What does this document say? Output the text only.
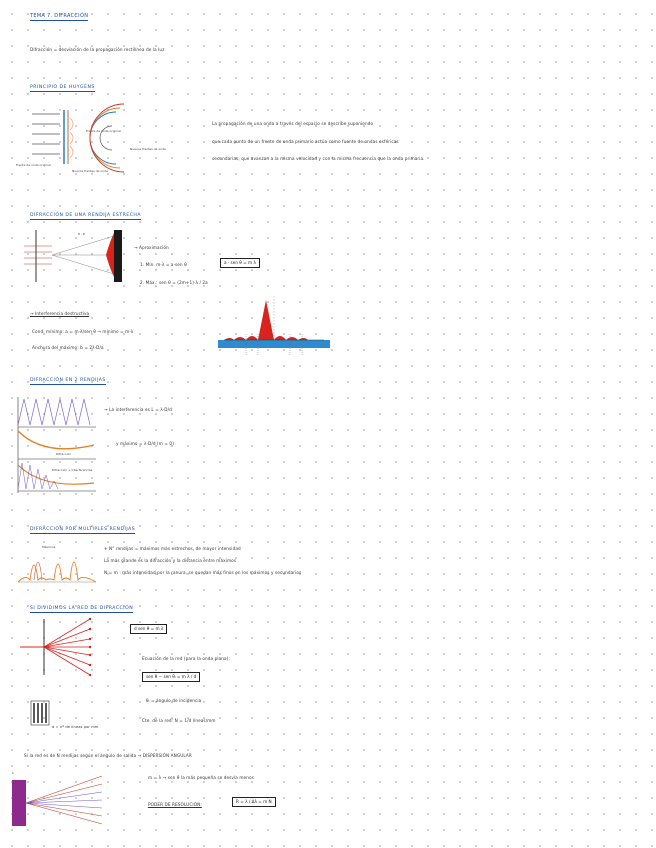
TEMA 7. DIFRACCIÓN
Difracción = desviación de la propagación rectilínea de la luz
PRINCIPIO DE HUYGENS
Frente de onda original
Frente de onda original
Nuevos frentes de onda
Nuevos frentes de onda
La propagación de una onda a través del espacio se describe suponiendo
que cada punto de un frente de onda primario actúa como fuente de ondas esféricas
secundarias, que avanzan a la misma velocidad y con la misma frecuencia que la onda primaria.
DIFRACCIÓN DE UNA RENDIJA ESTRECHA
θ · D
→ Aproximación
1. Mín. m·λ = a·sen θ	a · sen θ = m λ
2. Máx.: sen θ = (2m+1)·λ / 2a
→ Interferencia destructiva
Cond. mínimo: a = m·λ/sen θ → mínimo = m·λ
Anchura del máximo: b = 2λ·D/a
DIFRACCIÓN EN 2 RENDIJAS
Difracción
Difracción + Interferencias
→ La interferencia es L = λ·D/d
y máximo = λ·D/d (m = 0)
DIFRACCIÓN POR MÚLTIPLES RENDIJAS
Máximos	+ N° rendijas = máximos más estrechos, de mayor intensidad
La más grande es la difracción y la distancia entre máximos
N = m : más intensidad por la ranura, se quedan más finos en los máximos y secundarios
SI DIVIDIMOS LA RED DE DIFRACCIÓN
d = nº de líneas por mm
d sen θ = m λ
Ecuación de la red (para la onda plana):
sen θ − sen θᵢ = m λ / d
θᵢ = ángulo de incidencia
Cte. de la red: N = 1/d líneas/mm
Si la red es de N rendijas según el ángulo de salida → DISPERSIÓN ANGULAR
λ
m = λ → sen θ la más pequeña se desvía menos
PODER DE RESOLUCIÓN:
R = λ / Δλ = m N
